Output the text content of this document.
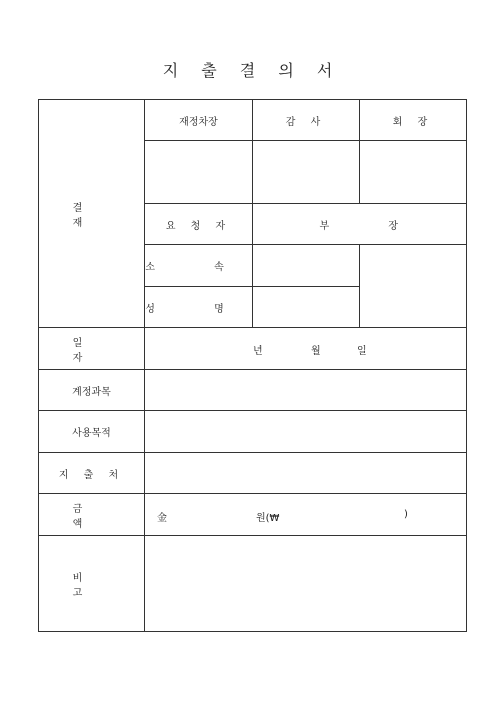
지 출 결 의 서
결 재	재정차장	감 사	회 장

	요 청 자	부 장	
	소 속		
	성 명		

일 자	년 월 일		

계정과목			
사용목적			
지 출 처			
금 액	金 원(₩ )		

비 고			
